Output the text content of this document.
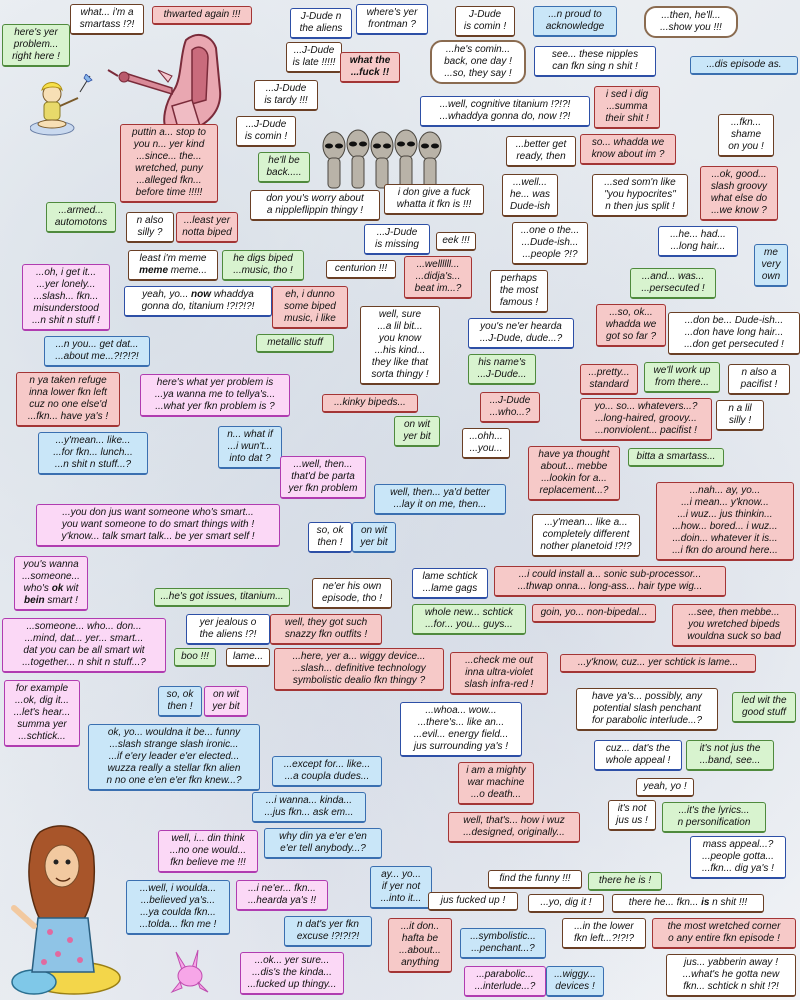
what... i'm a
smartass !?!
thwarted again !!!	J-Dude n
the aliens
where's yer
frontman ?
J-Dude
is comin !
...n proud to
acknowledge
...then, he'll...
...show you !!!
here's yer
problem...
right here !
...J-Dude
is late !!!!!	what the
...fuck !!
...he's comin...
back, one day !
...so, they say !
see... these nipples
can fkn sing n shit !	...dis episode as.
...J-Dude
is tardy !!!	...well, cognitive titanium !?!?!
...whaddya gonna do, now !?!
i sed i dig
...summa
their shit !
...J-Dude
is comin !
puttin a... stop to
you n... yer kind
...since... the...
wretched, puny
...alleged fkn...
before time !!!!!
...fkn...
shame
on you !
...better get
ready, then
so... whadda we
know about im ?
he'll be
back.....
...well...
he... was
Dude-ish
...sed som'n like
"you hypocrites"
n then jus split !
...ok, good...
slash groovy
what else do
...we know ?
don you's worry about
a nippleflippin thingy !
i don give a fuck
whatta it fkn is !!!
...armed...
automotons	n also
silly ?
...least yer
notta biped	...J-Dude
is missing	eek !!!
...one o the...
...Dude-ish...
...people ?!?
...he... had...
...long hair...
me
very
own
least i'm meme
meme meme...
he digs biped
...music, tho !	centurion !!!	...wellllll...
...didja's...
beat im...?
perhaps
the most
famous !
...and... was...
...persecuted !
...oh, i get it...
...yer lonely...
...slash... fkn...
misunderstood
...n shit n stuff !
yeah, yo... now whaddya
gonna do, titanium !?!?!?!
eh, i dunno
some biped
music, i like	well, sure
...a lil bit...
you know
...his kind...
they like that
sorta thingy !
you's ne'er hearda
...J-Dude, dude...?
...so, ok...
whadda we
got so far ?
...don be... Dude-ish...
...don have long hair...
...don get persecuted !
metallic stuff
...n you... get dat...
...about me...?!?!?!
his name's
...J-Dude...	...pretty...
standard
we'll work up
from there...
n also a
pacifist !
n ya taken refuge
inna lower fkn left
cuz no one else'd
...fkn... have ya's !
here's what yer problem is
...ya wanna me to tellya's...
...what yer fkn problem is ?	...kinky bipeds...	...J-Dude
...who...?
yo... so... whatevers...?
...long-haired, groovy...
...nonviolent... pacifist !
n a lil
silly !
on wit
yer bit
...y'mean... like...
...for fkn... lunch...
...n shit n stuff...?
n... what if
...i wun't...
into dat ?
...ohh...
...you...
have ya thought
about... mebbe
...lookin for a...
replacement...?
bitta a smartass...
...well, then...
that'd be parta
yer fkn problem	...nah... ay, yo...
...i mean... y'know...
...i wuz... jus thinkin...
...how... bored... i wuz...
...doin... whatever it is...
...i fkn do around here...
well, then... ya'd better
...lay it on me, then...
...you don jus want someone who's smart...
you want someone to do smart things with !
y'know... talk smart talk... be yer smart self !
...y'mean... like a...
completely different
nother planetoid !?!?
so, ok
then !
on wit
yer bit
you's wanna
...someone...
who's ok wit
bein smart !
lame schtick
...lame gags
...i could install a... sonic sub-processor...
...thwap onna... long-ass... hair type wig...
ne'er his own
episode, tho !
...he's got issues, titanium...
whole new... schtick
...for... you... guys...
goin, yo... non-bipedal...	...see, then mebbe...
you wretched bipeds
wouldna suck so bad
yer jealous o
the aliens !?!
well, they got such
snazzy fkn outfits !
...someone... who... don...
...mind, dat... yer... smart...
dat you can be all smart wit
...together... n shit n stuff...?
boo !!!	lame...	...here, yer a... wiggy device...
...slash... definitive technology
symbolistic dealio fkn thingy ?
...check me out
inna ultra-violet
slash infra-red !
...y'know, cuz... yer schtick is lame...
for example
...ok, dig it...
...let's hear...
summa yer
...schtick...
so, ok
then !
on wit
yer bit
have ya's... possibly, any
potential slash penchant
for parabolic interlude...?
led wit the
good stuff
...whoa... wow...
...there's... like an...
...evil... energy field...
jus surrounding ya's !
ok, yo... wouldna it be... funny
...slash strange slash ironic...
...if e'ery leader e'er elected...
wuzza really a stellar fkn alien
n no one e'en e'er fkn knew...?
cuz... dat's the
whole appeal !
it's not jus the
...band, see...
...except for... like...
...a coupla dudes...
i am a mighty
war machine
...o death...
yeah, yo !
...i wanna... kinda...
...jus fkn... ask em...	it's not
jus us !
...it's the lyrics...
n personification
well, that's... how i wuz
...designed, originally...
why din ya e'er e'en
e'er tell anybody...?
well, i... din think
...no one would...
fkn believe me !!!
mass appeal...?
...people gotta...
...fkn... dig ya's !
ay... yo...
if yer not
...into it...
find the funny !!!	there he is !
...well, i woulda...
...believed ya's...
...ya coulda fkn...
...tolda... fkn me !
...i ne'er... fkn...
...hearda ya's !!	jus fucked up !	...yo, dig it !	there he... fkn... is n shit !!!
n dat's yer fkn
excuse !?!?!?!
...it don..
hafta be
...about...
anything
...symbolistic...
...penchant...?
...in the lower
fkn left...?!?!?
the most wretched corner
o any entire fkn episode !
...ok... yer sure...
...dis's the kinda...
...fucked up thingy...
...parabolic...
...interlude...?
...wiggy...
devices !
jus... yabberin away !
...what's he gotta new
fkn... schtick n shit !?!
